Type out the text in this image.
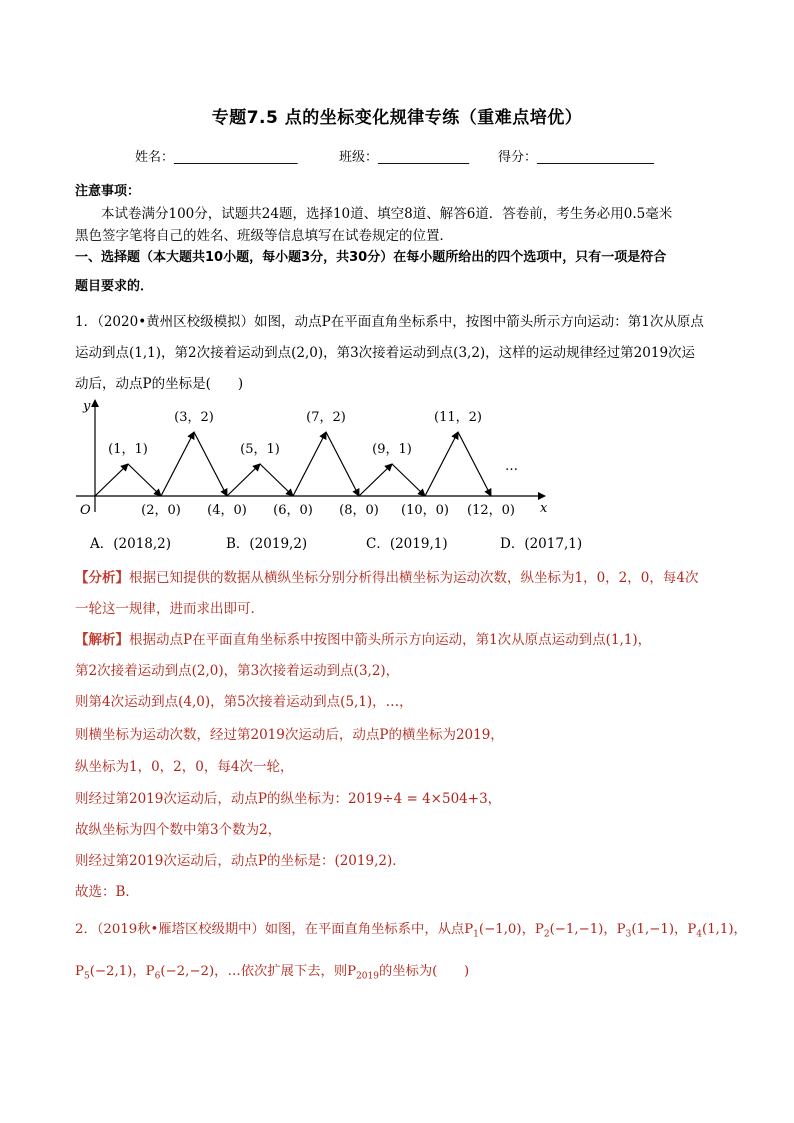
专题7.5 点的坐标变化规律专练（重难点培优）
姓名：___________________	班级：______________ 得分：__________________
注意事项：
本试卷满分100分，试题共24题，选择10道、填空8道、解答6道．答卷前，考生务必用0.5毫米
黑色签字笔将自己的姓名、班级等信息填写在试卷规定的位置．
一、选择题（本大题共10小题，每小题3分，共30分）在每小题所给出的四个选项中，只有一项是符合
题目要求的．
1．（2020•黄州区校级模拟）如图，动点P在平面直角坐标系中，按图中箭头所示方向运动：第1次从原点
运动到点(1,1)，第2次接着运动到点(2,0)，第3次接着运动到点(3,2)，这样的运动规律经过第2019次运
动后，动点P的坐标是(　　)
y
x
O
…
(1，1)
(3，2)
(5，1)
(7，2)
(9，1)
(11，2)
(2，0) (4，0) (6，0) (8，0) (10，0) (12，0)
A．(2018,2)	B．(2019,2)	C．(2019,1)	D．(2017,1)
【分析】根据已知提供的数据从横纵坐标分别分析得出横坐标为运动次数，纵坐标为1，0，2，0，每4次
一轮这一规律，进而求出即可．
【解析】根据动点P在平面直角坐标系中按图中箭头所示方向运动，第1次从原点运动到点(1,1)，
第2次接着运动到点(2,0)，第3次接着运动到点(3,2)，
则第4次运动到点(4,0)，第5次接着运动到点(5,1)，…，
则横坐标为运动次数，经过第2019次运动后，动点P的横坐标为2019，
纵坐标为1，0，2，0，每4次一轮，
则经过第2019次运动后，动点P的纵坐标为：2019÷4 = 4×504+3，
故纵坐标为四个数中第3个数为2，
则经过第2019次运动后，动点P的坐标是：(2019,2)．
故选：B．
2．（2019秋•雁塔区校级期中）如图，在平面直角坐标系中，从点$P_1(-1,0)$，$P_2(-1,-1)$，$P_3(1,-1)$，$P_4(1,1)$，
$P_5(-2,1)$，$P_6(-2,-2)$，…依次扩展下去，则$P_{2019}$的坐标为(　　)
